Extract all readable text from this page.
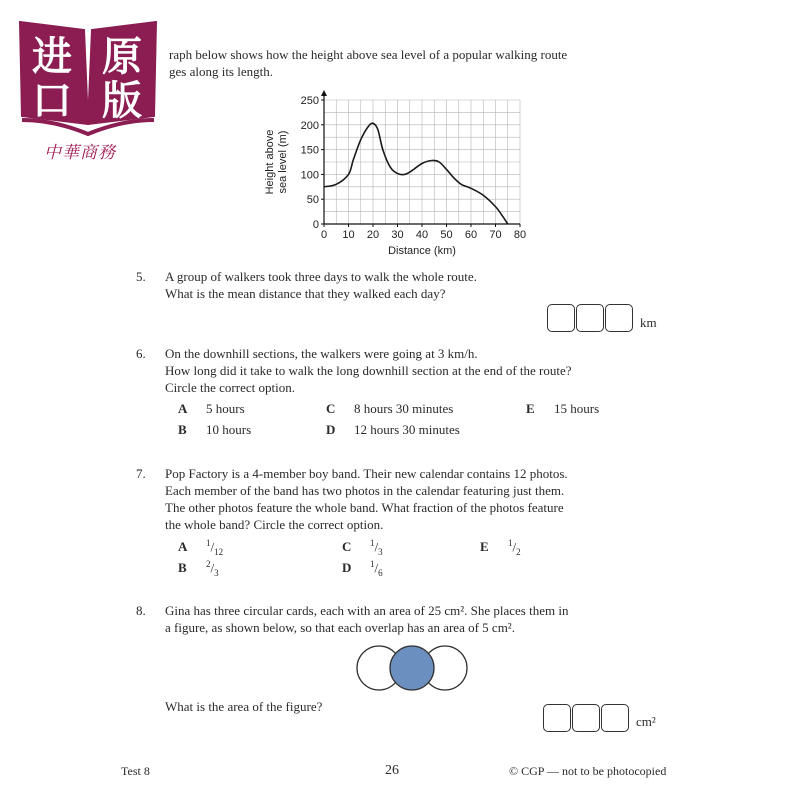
进 原
口 版
中華商務
raph below shows how the height above sea level of a popular walking route
ges along its length.
0
50
100
150
200
250
0 10 20 30 40 50 60 70 80
Distance (km)
Height above sea level (m)
5. A group of walkers took three days to walk the whole route.
What is the mean distance that they walked each day?
km
6. On the downhill sections, the walkers were going at 3 km/h.
How long did it take to walk the long downhill section at the end of the route?
Circle the correct option.
A 5 hours
B 10 hours
C 8 hours 30 minutes
D 12 hours 30 minutes
E 15 hours
7. Pop Factory is a 4-member boy band. Their new calendar contains 12 photos.
Each member of the band has two photos in the calendar featuring just them.
The other photos feature the whole band. What fraction of the photos feature
the whole band? Circle the correct option.
A $^1/_{12}$
B $^2/_3$
C $^1/_3$
D $^1/_6$
E $^1/_2$
8. Gina has three circular cards, each with an area of 25 cm². She places them in
a figure, as shown below, so that each overlap has an area of 5 cm².
What is the area of the figure?
cm²
Test 8	26	© CGP — not to be photocopied
